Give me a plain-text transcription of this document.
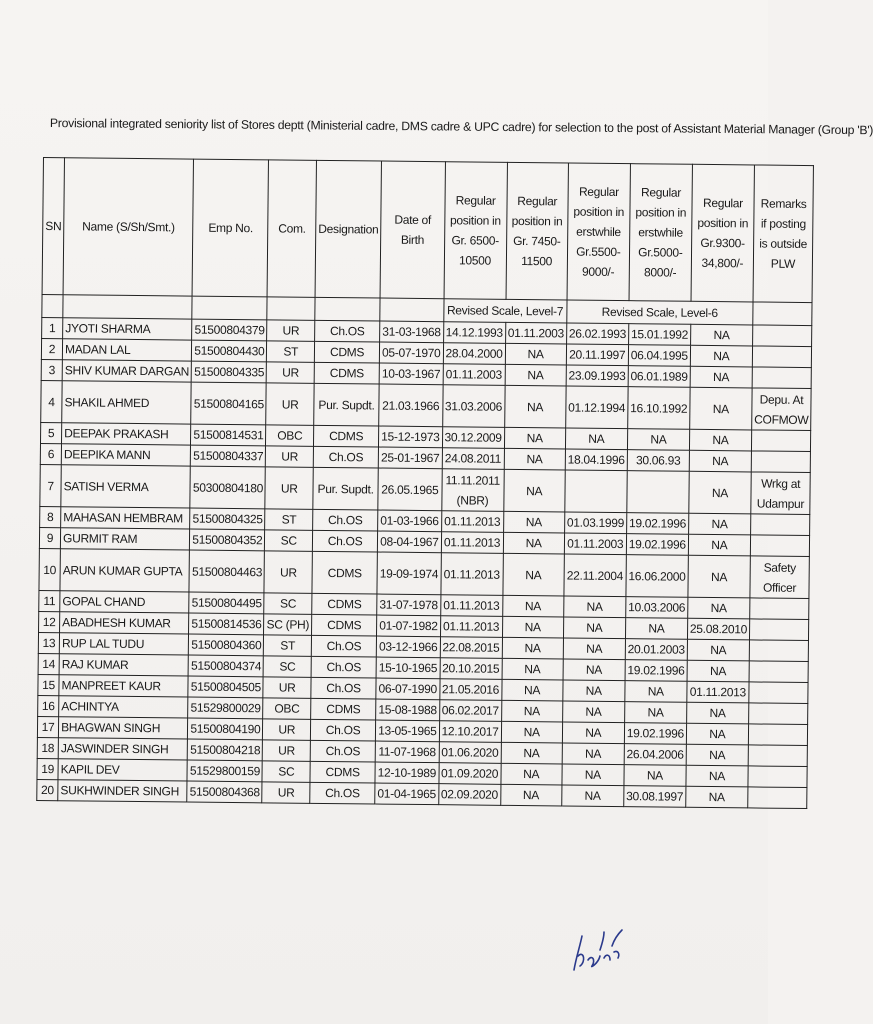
Provisional integrated seniority list of Stores deptt (Ministerial cadre, DMS cadre & UPC cadre) for selection to the post of Assistant Material Manager (Group 'B')
SN	Name (S/Sh/Smt.)	Emp No.	Com.	Designation	Date of Birth	Regular position in Gr. 6500-10500	Regular position in Gr. 7450-11500	Regular position in erstwhile Gr.5500-9000/-	Regular position in erstwhile Gr.5000-8000/-	Regular position in Gr.9300-34,800/-	Remarks if posting is outside PLW
						Revised Scale, Level-7		Revised Scale, Level-6			
1	JYOTI SHARMA	51500804379	UR	Ch.OS	31-03-1968	14.12.1993	01.11.2003	26.02.1993	15.01.1992	NA	
2	MADAN LAL	51500804430	ST	CDMS	05-07-1970	28.04.2000	NA	20.11.1997	06.04.1995	NA	
3	SHIV KUMAR DARGAN	51500804335	UR	CDMS	10-03-1967	01.11.2003	NA	23.09.1993	06.01.1989	NA	
4	SHAKIL AHMED	51500804165	UR	Pur. Supdt.	21.03.1966	31.03.2006	NA	01.12.1994	16.10.1992	NA	Depu. At COFMOW
5	DEEPAK PRAKASH	51500814531	OBC	CDMS	15-12-1973	30.12.2009	NA	NA	NA	NA	
6	DEEPIKA MANN	51500804337	UR	Ch.OS	25-01-1967	24.08.2011	NA	18.04.1996	30.06.93	NA	
7	SATISH VERMA	50300804180	UR	Pur. Supdt.	26.05.1965	11.11.2011 (NBR)	NA			NA	Wrkg at Udampur
8	MAHASAN HEMBRAM	51500804325	ST	Ch.OS	01-03-1966	01.11.2013	NA	01.03.1999	19.02.1996	NA	
9	GURMIT RAM	51500804352	SC	Ch.OS	08-04-1967	01.11.2013	NA	01.11.2003	19.02.1996	NA	
10	ARUN KUMAR GUPTA	51500804463	UR	CDMS	19-09-1974	01.11.2013	NA	22.11.2004	16.06.2000	NA	Safety Officer
11	GOPAL CHAND	51500804495	SC	CDMS	31-07-1978	01.11.2013	NA	NA	10.03.2006	NA	
12	ABADHESH KUMAR	51500814536	SC (PH)	CDMS	01-07-1982	01.11.2013	NA	NA	NA	25.08.2010	
13	RUP LAL TUDU	51500804360	ST	Ch.OS	03-12-1966	22.08.2015	NA	NA	20.01.2003	NA	
14	RAJ KUMAR	51500804374	SC	Ch.OS	15-10-1965	20.10.2015	NA	NA	19.02.1996	NA	
15	MANPREET KAUR	51500804505	UR	Ch.OS	06-07-1990	21.05.2016	NA	NA	NA	01.11.2013	
16	ACHINTYA	51529800029	OBC	CDMS	15-08-1988	06.02.2017	NA	NA	NA	NA	
17	BHAGWAN SINGH	51500804190	UR	Ch.OS	13-05-1965	12.10.2017	NA	NA	19.02.1996	NA	
18	JASWINDER SINGH	51500804218	UR	Ch.OS	11-07-1968	01.06.2020	NA	NA	26.04.2006	NA	
19	KAPIL DEV	51529800159	SC	CDMS	12-10-1989	01.09.2020	NA	NA	NA	NA	
20	SUKHWINDER SINGH	51500804368	UR	Ch.OS	01-04-1965	02.09.2020	NA	NA	30.08.1997	NA	
